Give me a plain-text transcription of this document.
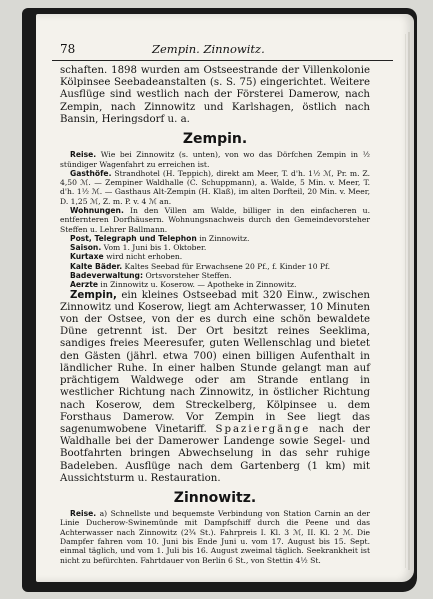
78	Zempin. Zinnowitz.

schaften. 1898 wurden am Ostseestrande der Villenkolonie Kölpinsee Seebadeanstalten (s. S. 75) eingerichtet. Weitere Ausflüge sind westlich nach der Försterei Damerow, nach Zempin, nach Zinnowitz und Karlshagen, östlich nach Bansin, Heringsdorf u. a.

Zempin.

Reise. Wie bei Zinnowitz (s. unten), von wo das Dörfchen Zempin in ½ stündiger Wagenfahrt zu erreichen ist.

Gasthöfe. Strandhotel (H. Teppich), direkt am Meer, T. d'h. 1½ ℳ, Pr. m. Z. 4,50 ℳ. — Zempiner Waldhalle (C. Schuppmann), a. Walde, 5 Min. v. Meer, T. d'h. 1½ ℳ. — Gasthaus Alt-Zempin (H. Klaß), im alten Dorfteil, 20 Min. v. Meer, D. 1,25 ℳ, Z. m. P. v. 4 ℳ an.

Wohnungen. In den Villen am Walde, billiger in den einfacheren u. entfernteren Dorfhäusern. Wohnungsnachweis durch den Gemeindevorsteher Steffen u. Lehrer Ballmann.

Post, Telegraph und Telephon in Zinnowitz.

Saison. Vom 1. Juni bis 1. Oktober.

Kurtaxe wird nicht erhoben.

Kalte Bäder. Kaltes Seebad für Erwachsene 20 Pf., f. Kinder 10 Pf.

Badeverwaltung: Ortsvorsteher Steffen.

Aerzte in Zinnowitz u. Koserow. — Apotheke in Zinnowitz.

Zempin, ein kleines Ostseebad mit 320 Einw., zwischen Zinnowitz und Koserow, liegt am Achterwasser, 10 Minuten von der Ostsee, von der es durch eine schön bewaldete Düne getrennt ist. Der Ort besitzt reines Seeklima, sandiges freies Meeresufer, guten Wellenschlag und bietet den Gästen (jährl. etwa 700) einen billigen Aufenthalt in ländlicher Ruhe. In einer halben Stunde gelangt man auf prächtigem Waldwege oder am Strande entlang in westlicher Richtung nach Zinnowitz, in östlicher Richtung nach Koserow, dem Streckelberg, Kölpinsee u. dem Forsthaus Damerow. Vor Zempin in See liegt das sagenumwobene Vinetariff. Spaziergänge nach der Waldhalle bei der Damerower Landenge sowie Segel- und Bootfahrten bringen Abwechselung in das sehr ruhige Badeleben. Ausflüge nach dem Gartenberg (1 km) mit Aussichtsturm u. Restauration.

Zinnowitz.

Reise. a) Schnellste und bequemste Verbindung von Station Carnin an der Linie Ducherow-Swinemünde mit Dampfschiff durch die Peene und das Achterwasser nach Zinnowitz (2¾ St.). Fahrpreis I. Kl. 3 ℳ, II. Kl. 2 ℳ. Die Dampfer fahren vom 10. Juni bis Ende Juni u. vom 17. August bis 15. Sept. einmal täglich, und vom 1. Juli bis 16. August zweimal täglich. Seekrankheit ist nicht zu befürchten. Fahrtdauer von Berlin 6 St., von Stettin 4½ St.
